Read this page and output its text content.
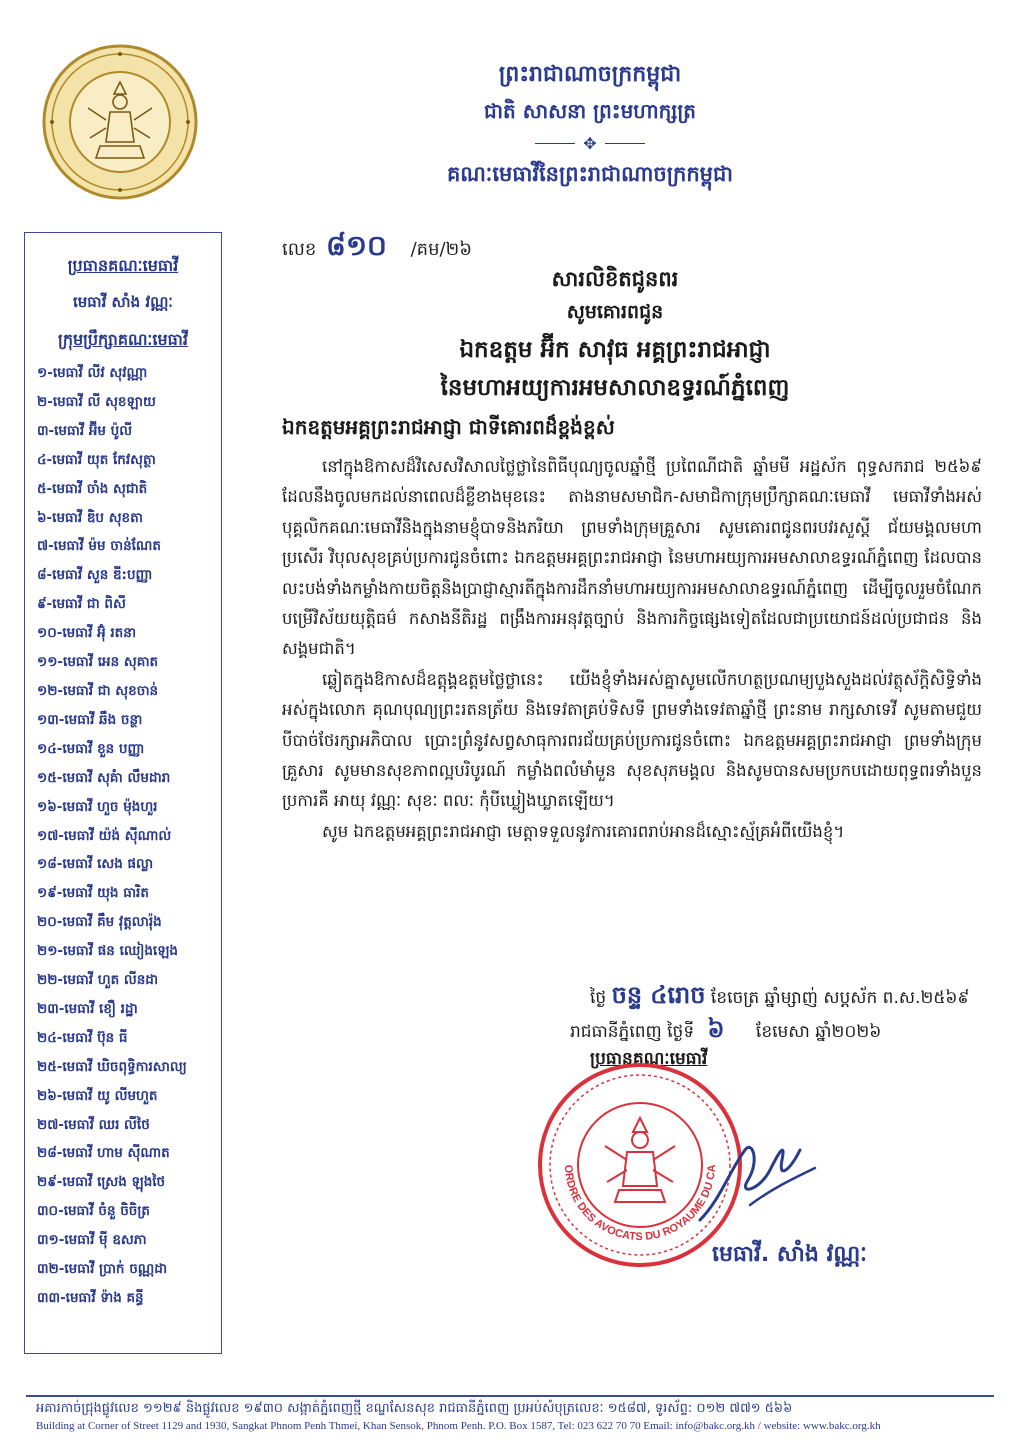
ព្រះរាជាណាចក្រកម្ពុជា
ជាតិ សាសនា ព្រះមហាក្សត្រ
✥
គណៈមេធាវីនៃព្រះរាជាណាចក្រកម្ពុជា
ប្រធានគណៈមេធាវី
មេធាវី សាំង វណ្ណៈ
ក្រុមប្រឹក្សាគណៈមេធាវី
១-មេធាវី លីវ សុវណ្ណា
២-មេធាវី លី សុខឡាយ
៣-មេធាវី អ៊ីម ប៉ូលី
៤-មេធាវី យុត កែវសុត្ថា
៥-មេធាវី ចាំង សុជាតិ
៦-មេធាវី ឌិប សុខតា
៧-មេធាវី ម៉ម ចាន់ណែត
៨-មេធាវី សួន ឌី:បញ្ញា
៩-មេធាវី ជា ពិសី
១០-មេធាវី អ៊ុំ រតនា
១១-មេធាវី អេន សុគាត
១២-មេធាវី ជា សុខចាន់
១៣-មេធាវី ឆឹង ចន្ថា
១៤-មេធាវី ខួន បញ្ញា
១៥-មេធាវី សុគំា លឹមដារា
១៦-មេធាវី ហួច ម៉ុងហួរ
១៧-មេធាវី យ៉ង់ ស៊ីណាល់
១៨-មេធាវី សេង ផល្លា
១៩-មេធាវី យុង ធារិត
២០-មេធាវី គឹម វុត្តលារ៉ុង
២១-មេធាវី ផន ឈៀងឡេង
២២-មេធាវី ហួត លីនដា
២៣-មេធាវី ខឿ រដ្ឋា
២៤-មេធាវី ប៊ុន ធី
២៥-មេធាវី ឃិចពុទ្ធិការសាល្យ
២៦-មេធាវី យូ លីមហួត
២៧-មេធាវី ឈរ លីថៃ
២៨-មេធាវី ហាម ស៊ីណាត
២៩-មេធាវី ស្រេង ឡុងថៃ
៣០-មេធាវី ចំនួ ចិចិត្រ
៣១-មេធាវី ម៉ី ឧសភា
៣២-មេធាវី ប្រាក់ ចណ្ណដា
៣៣-មេធាវី ទ៉ាង គន្ធី
លេខ ៨១០ /គម/២៦
សារលិខិតជូនពរ
សូមគោរពជូន
ឯកឧត្តម អ៊ីក សាវុធ អគ្គព្រះរាជអាជ្ញា
នៃមហាអយ្យការអមសាលាឧទ្ធរណ៍ភ្នំពេញ
ឯកឧត្តមអគ្គព្រះរាជអាជ្ញា ជាទីគោរពដ៏ខ្ពង់ខ្ពស់

នៅក្នុងឱកាសដ៏វិសេសវិសាលថ្លៃថ្លានៃពិធីបុណ្យចូលឆ្នាំថ្មី ប្រពៃណីជាតិ ឆ្នាំមមី អដ្ឋស័ក ពុទ្ធសករាជ ២៥៦៩ ដែលនឹងចូលមកដល់នាពេលដ៏ខ្លីខាងមុខនេះ តាងនាមសមាជិក-សមាជិកាក្រុមប្រឹក្សាគណៈមេធាវី មេធាវីទាំងអស់ បុគ្គលិកគណៈមេធាវីនិងក្នុងនាមខ្ញុំបាទនិងភរិយា ព្រមទាំងក្រុមគ្រួសារ សូមគោរពជូនពរបវរសួស្តី ជ័យមង្គលមហាប្រសើរ វិបុលសុខគ្រប់ប្រការជូនចំពោះ ឯកឧត្តមអគ្គព្រះរាជអាជ្ញា នៃមហាអយ្យការអមសាលាឧទ្ធរណ៍ភ្នំពេញ ដែលបានលះបង់ទាំងកម្លាំងកាយចិត្តនិងប្រាជ្ញាស្មារតីក្នុងការដឹកនាំមហាអយ្យការអមសាលាឧទ្ធរណ៍ភ្នំពេញ ដើម្បីចូលរួមចំណែកបម្រើវិស័យយុត្តិធម៌ កសាងនីតិរដ្ឋ ពង្រឹងការអនុវត្តច្បាប់ និងការកិច្ចផ្សេងទៀតដែលជាប្រយោជន៍ដល់ប្រជាជន និងសង្គមជាតិ។

ឆ្លៀតក្នុងឱកាសដ៏ឧត្តុង្គឧត្តមថ្លៃថ្លានេះ យើងខ្ញុំទាំងអស់គ្នាសូមលើកហត្ថប្រណម្យបួងសួងដល់វត្ថុស័ក្តិសិទ្ធិទាំងអស់ក្នុងលោក គុណបុណ្យព្រះរតនត្រ័យ និងទេវតាគ្រប់ទិសទី ព្រមទាំងទេវតាឆ្នាំថ្មី ព្រះនាម រាក្សសាទេវី សូមតាមជួយបីបាច់ថែរក្សាអភិបាល ប្រោះព្រំនូវសព្វសាធុការពរជ័យគ្រប់ប្រការជូនចំពោះ ឯកឧត្តមអគ្គព្រះរាជអាជ្ញា ព្រមទាំងក្រុមគ្រួសារ សូមមានសុខភាពល្អបរិបូរណ៍ កម្លាំងពលំមាំមួន សុខសុភមង្គល និងសូមបានសមប្រកបដោយពុទ្ធពរទាំងបួនប្រការគឺ អាយុ វណ្ណៈ សុខៈ ពលៈ កុំបីឃ្លៀងឃ្លាតឡើយ។

សូម ឯកឧត្តមអគ្គព្រះរាជអាជ្ញា មេត្តាទទួលនូវការគោរពរាប់អានដ៏ស្មោះស្ម័គ្រអំពីយើងខ្ញុំ។

ថ្ងៃ ចន្ទ ៤រោច ខែចេត្រ ឆ្នាំម្សាញ់ សប្តស័ក ព.ស.២៥៦៩
រាជធានីភ្នំពេញ ថ្ងៃទី ៦ ខែមេសា ឆ្នាំ២០២៦
ប្រធានគណៈមេធាវី
ORDRE DES AVOCATS DU ROYAUME DU CA
មេធាវី. សាំង វណ្ណៈ
អគារកាច់ជ្រុងផ្លូវលេខ ១១២៩ និងផ្លូវលេខ ១៩៣០ សង្កាត់ភ្នំពេញថ្មី ខណ្ឌសែនសុខ រាជធានីភ្នំពេញ ប្រអប់សំបុត្រលេខៈ ១៥៨៧, ទូរស័ព្ទ: ០១២ ៧៧១ ៥៦៦
Building at Corner of Street 1129 and 1930, Sangkat Phnom Penh Thmei, Khan Sensok, Phnom Penh. P.O. Box 1587, Tel: 023 622 70 70 Email: info@bakc.org.kh / website: www.bakc.org.kh
